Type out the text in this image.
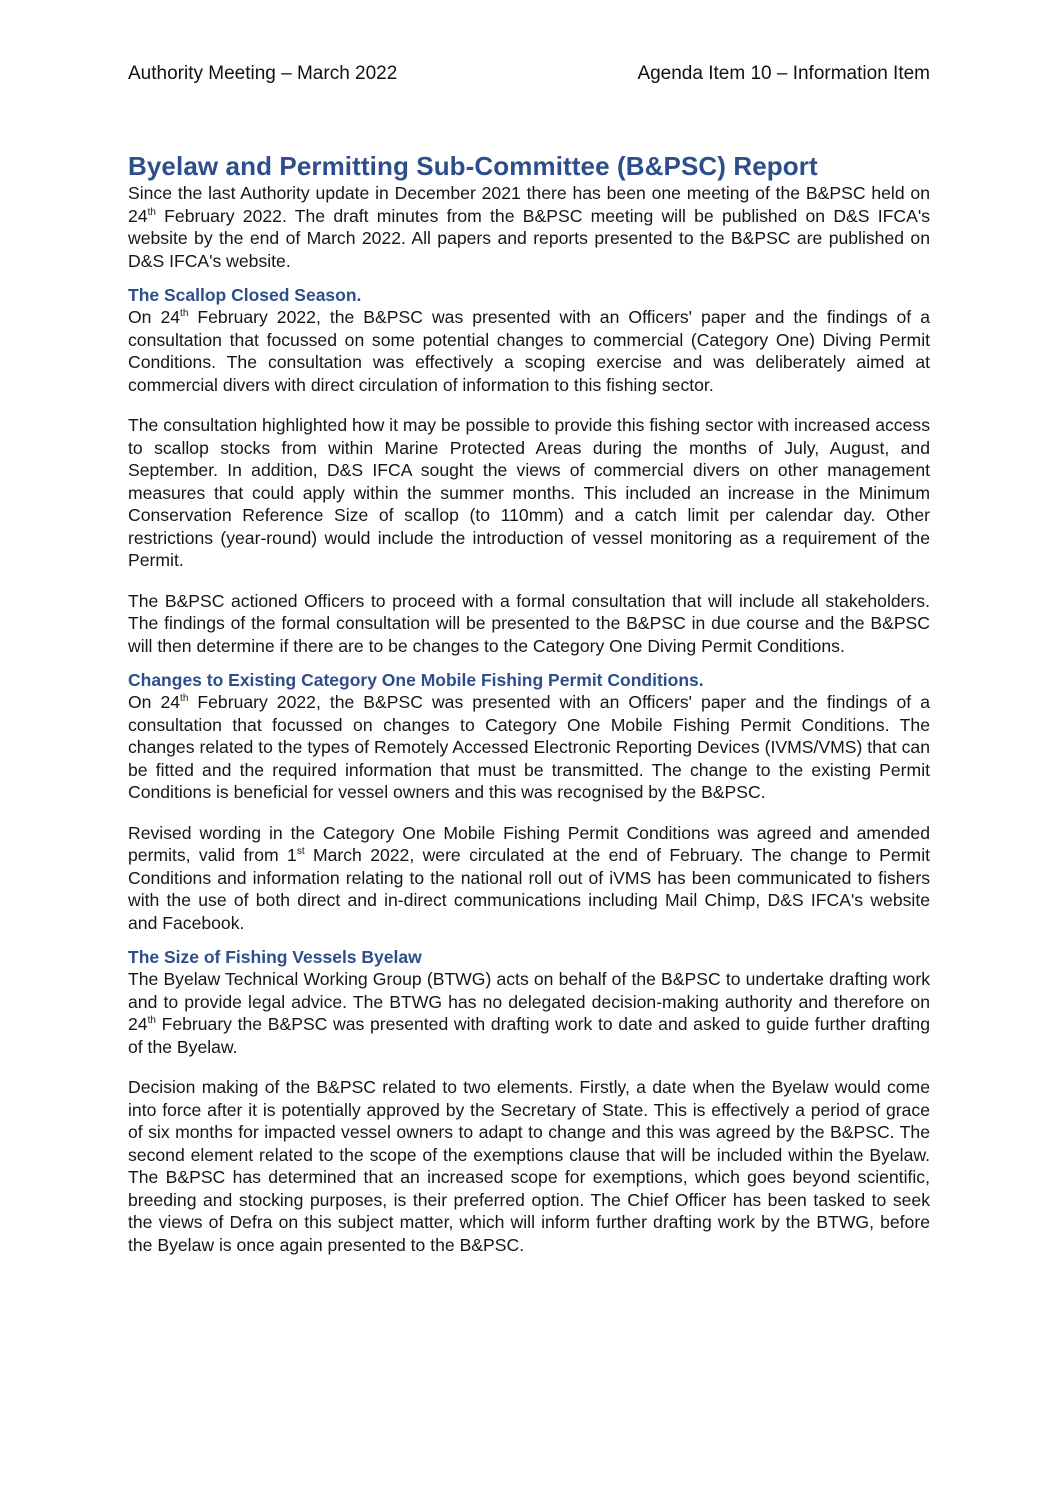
Authority Meeting – March 2022	Agenda Item 10 – Information Item
Byelaw and Permitting Sub-Committee (B&PSC) Report

Since the last Authority update in December 2021 there has been one meeting of the B&PSC held on 24th February 2022. The draft minutes from the B&PSC meeting will be published on D&S IFCA's website by the end of March 2022. All papers and reports presented to the B&PSC are published on D&S IFCA's website.

The Scallop Closed Season.

On 24th February 2022, the B&PSC was presented with an Officers' paper and the findings of a consultation that focussed on some potential changes to commercial (Category One) Diving Permit Conditions. The consultation was effectively a scoping exercise and was deliberately aimed at commercial divers with direct circulation of information to this fishing sector.

The consultation highlighted how it may be possible to provide this fishing sector with increased access to scallop stocks from within Marine Protected Areas during the months of July, August, and September. In addition, D&S IFCA sought the views of commercial divers on other management measures that could apply within the summer months. This included an increase in the Minimum Conservation Reference Size of scallop (to 110mm) and a catch limit per calendar day. Other restrictions (year-round) would include the introduction of vessel monitoring as a requirement of the Permit.

The B&PSC actioned Officers to proceed with a formal consultation that will include all stakeholders. The findings of the formal consultation will be presented to the B&PSC in due course and the B&PSC will then determine if there are to be changes to the Category One Diving Permit Conditions.

Changes to Existing Category One Mobile Fishing Permit Conditions.

On 24th February 2022, the B&PSC was presented with an Officers' paper and the findings of a consultation that focussed on changes to Category One Mobile Fishing Permit Conditions. The changes related to the types of Remotely Accessed Electronic Reporting Devices (IVMS/VMS) that can be fitted and the required information that must be transmitted. The change to the existing Permit Conditions is beneficial for vessel owners and this was recognised by the B&PSC.

Revised wording in the Category One Mobile Fishing Permit Conditions was agreed and amended permits, valid from 1st March 2022, were circulated at the end of February. The change to Permit Conditions and information relating to the national roll out of iVMS has been communicated to fishers with the use of both direct and in-direct communications including Mail Chimp, D&S IFCA's website and Facebook.

The Size of Fishing Vessels Byelaw

The Byelaw Technical Working Group (BTWG) acts on behalf of the B&PSC to undertake drafting work and to provide legal advice. The BTWG has no delegated decision-making authority and therefore on 24th February the B&PSC was presented with drafting work to date and asked to guide further drafting of the Byelaw.

Decision making of the B&PSC related to two elements. Firstly, a date when the Byelaw would come into force after it is potentially approved by the Secretary of State. This is effectively a period of grace of six months for impacted vessel owners to adapt to change and this was agreed by the B&PSC. The second element related to the scope of the exemptions clause that will be included within the Byelaw. The B&PSC has determined that an increased scope for exemptions, which goes beyond scientific, breeding and stocking purposes, is their preferred option. The Chief Officer has been tasked to seek the views of Defra on this subject matter, which will inform further drafting work by the BTWG, before the Byelaw is once again presented to the B&PSC.
